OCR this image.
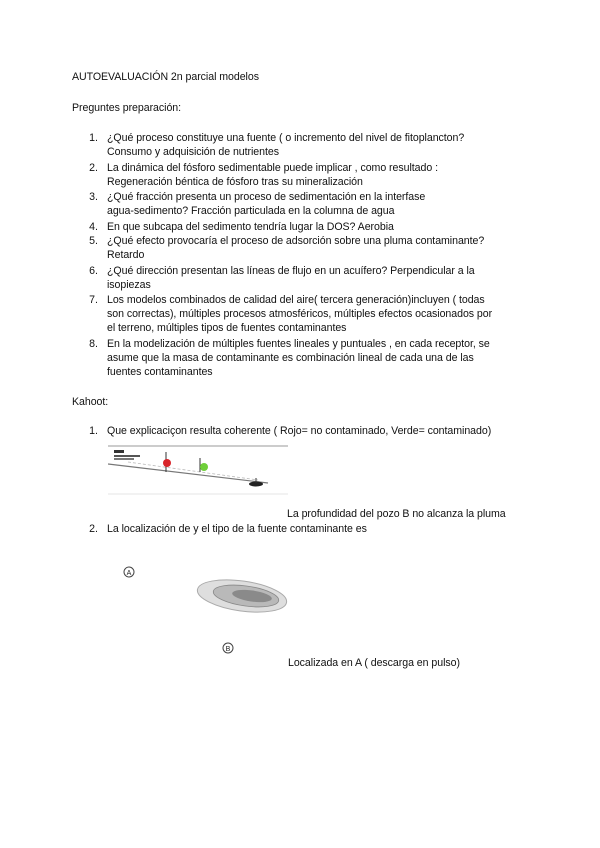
AUTOEVALUACIÓN 2n parcial modelos
Preguntes preparación:
1. ¿Qué proceso constituye una fuente ( o incremento del nivel de fitoplancton?
Consumo y adquisición de nutrientes
2. La dinámica del fósforo sedimentable puede implicar , como resultado :
Regeneración béntica de fósforo tras su mineralización
3. ¿Qué fracción presenta un proceso de sedimentación en la interfase
agua-sedimento? Fracción particulada en la columna de agua
4. En que subcapa del sedimento tendría lugar la DOS? Aerobia
5. ¿Qué efecto provocaría el proceso de adsorción sobre una pluma contaminante?
Retardo
6. ¿Qué dirección presentan las líneas de flujo en un acuífero? Perpendicular a la
isopiezas
7. Los modelos combinados de calidad del aire( tercera generación)incluyen ( todas
son correctas), múltiples procesos atmosféricos, múltiples efectos ocasionados por
el terreno, múltiples tipos de fuentes contaminantes
8. En la modelización de múltiples fuentes lineales y puntuales , en cada receptor, se
asume que la masa de contaminante es combinación lineal de cada una de las
fuentes contaminantes
Kahoot:
1. Que explicaciçon resulta coherente ( Rojo= no contaminado, Verde= contaminado)
La profundidad del pozo B no alcanza la pluma
2. La localización de y el tipo de la fuente contaminante es
A
B
Localizada en A ( descarga en pulso)
